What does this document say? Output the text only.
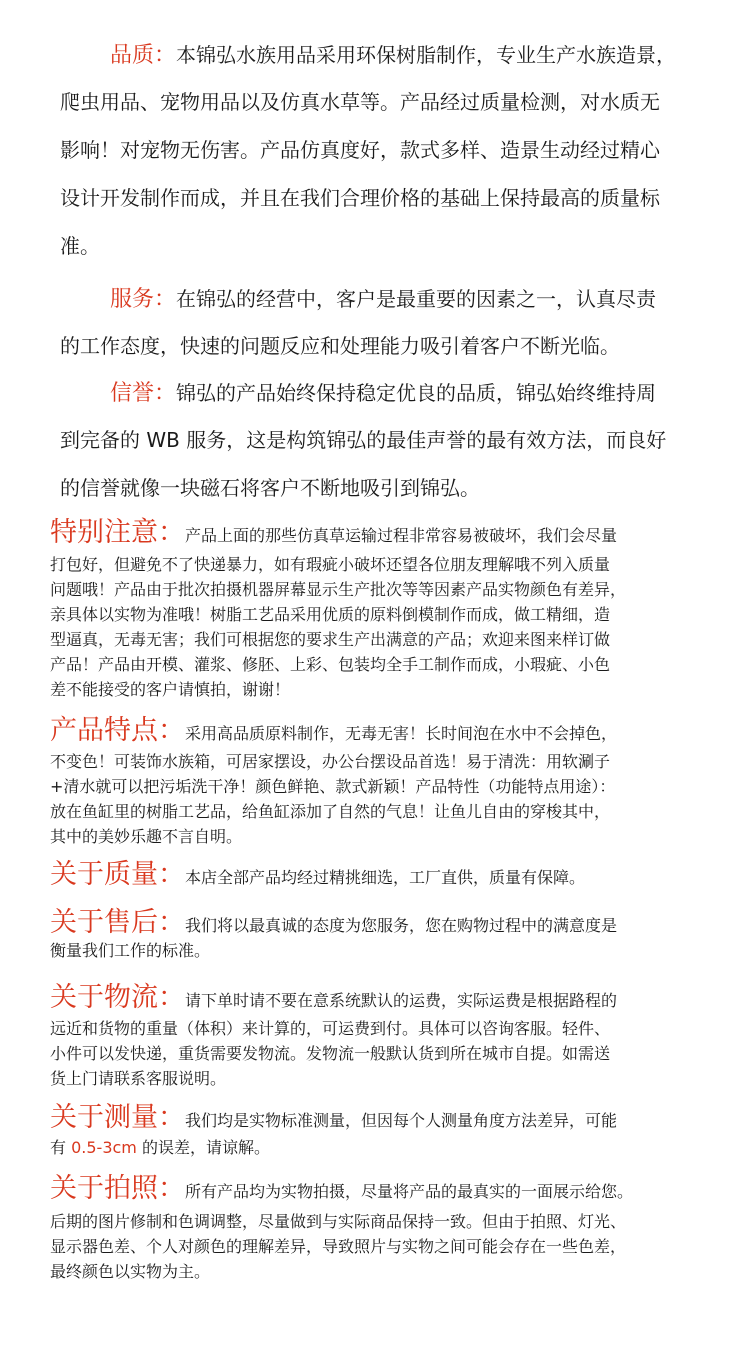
品质：本锦弘水族用品采用环保树脂制作，专业生产水族造景，
爬虫用品、宠物用品以及仿真水草等。产品经过质量检测，对水质无
影响！对宠物无伤害。产品仿真度好，款式多样、造景生动经过精心
设计开发制作而成，并且在我们合理价格的基础上保持最高的质量标
准。
服务：在锦弘的经营中，客户是最重要的因素之一，认真尽责
的工作态度，快速的问题反应和处理能力吸引着客户不断光临。
信誉：锦弘的产品始终保持稳定优良的品质，锦弘始终维持周
到完备的 WB 服务，这是构筑锦弘的最佳声誉的最有效方法，而良好
的信誉就像一块磁石将客户不断地吸引到锦弘。
特别注意：产品上面的那些仿真草运输过程非常容易被破坏，我们会尽量
打包好，但避免不了快递暴力，如有瑕疵小破坏还望各位朋友理解哦不列入质量
问题哦！产品由于批次拍摄机器屏幕显示生产批次等等因素产品实物颜色有差异，
亲具体以实物为准哦！树脂工艺品采用优质的原料倒模制作而成，做工精细，造
型逼真，无毒无害；我们可根据您的要求生产出满意的产品；欢迎来图来样订做
产品！产品由开模、灌浆、修胚、上彩、包装均全手工制作而成，小瑕疵、小色
差不能接受的客户请慎拍，谢谢！
产品特点：采用高品质原料制作，无毒无害！长时间泡在水中不会掉色，
不变色！可装饰水族箱，可居家摆设，办公台摆设品首选！易于清洗：用软涮子
+清水就可以把污垢洗干净！颜色鲜艳、款式新颖！产品特性（功能特点用途）：
放在鱼缸里的树脂工艺品，给鱼缸添加了自然的气息！让鱼儿自由的穿梭其中，
其中的美妙乐趣不言自明。
关于质量：本店全部产品均经过精挑细选，工厂直供，质量有保障。
关于售后：我们将以最真诚的态度为您服务，您在购物过程中的满意度是
衡量我们工作的标准。
关于物流：请下单时请不要在意系统默认的运费，实际运费是根据路程的
远近和货物的重量（体积）来计算的，可运费到付。具体可以咨询客服。轻件、
小件可以发快递，重货需要发物流。发物流一般默认货到所在城市自提。如需送
货上门请联系客服说明。
关于测量：我们均是实物标准测量，但因每个人测量角度方法差异，可能
有 0.5-3cm 的误差，请谅解。
关于拍照：所有产品均为实物拍摄，尽量将产品的最真实的一面展示给您。
后期的图片修制和色调调整，尽量做到与实际商品保持一致。但由于拍照、灯光、
显示器色差、个人对颜色的理解差异，导致照片与实物之间可能会存在一些色差，
最终颜色以实物为主。
